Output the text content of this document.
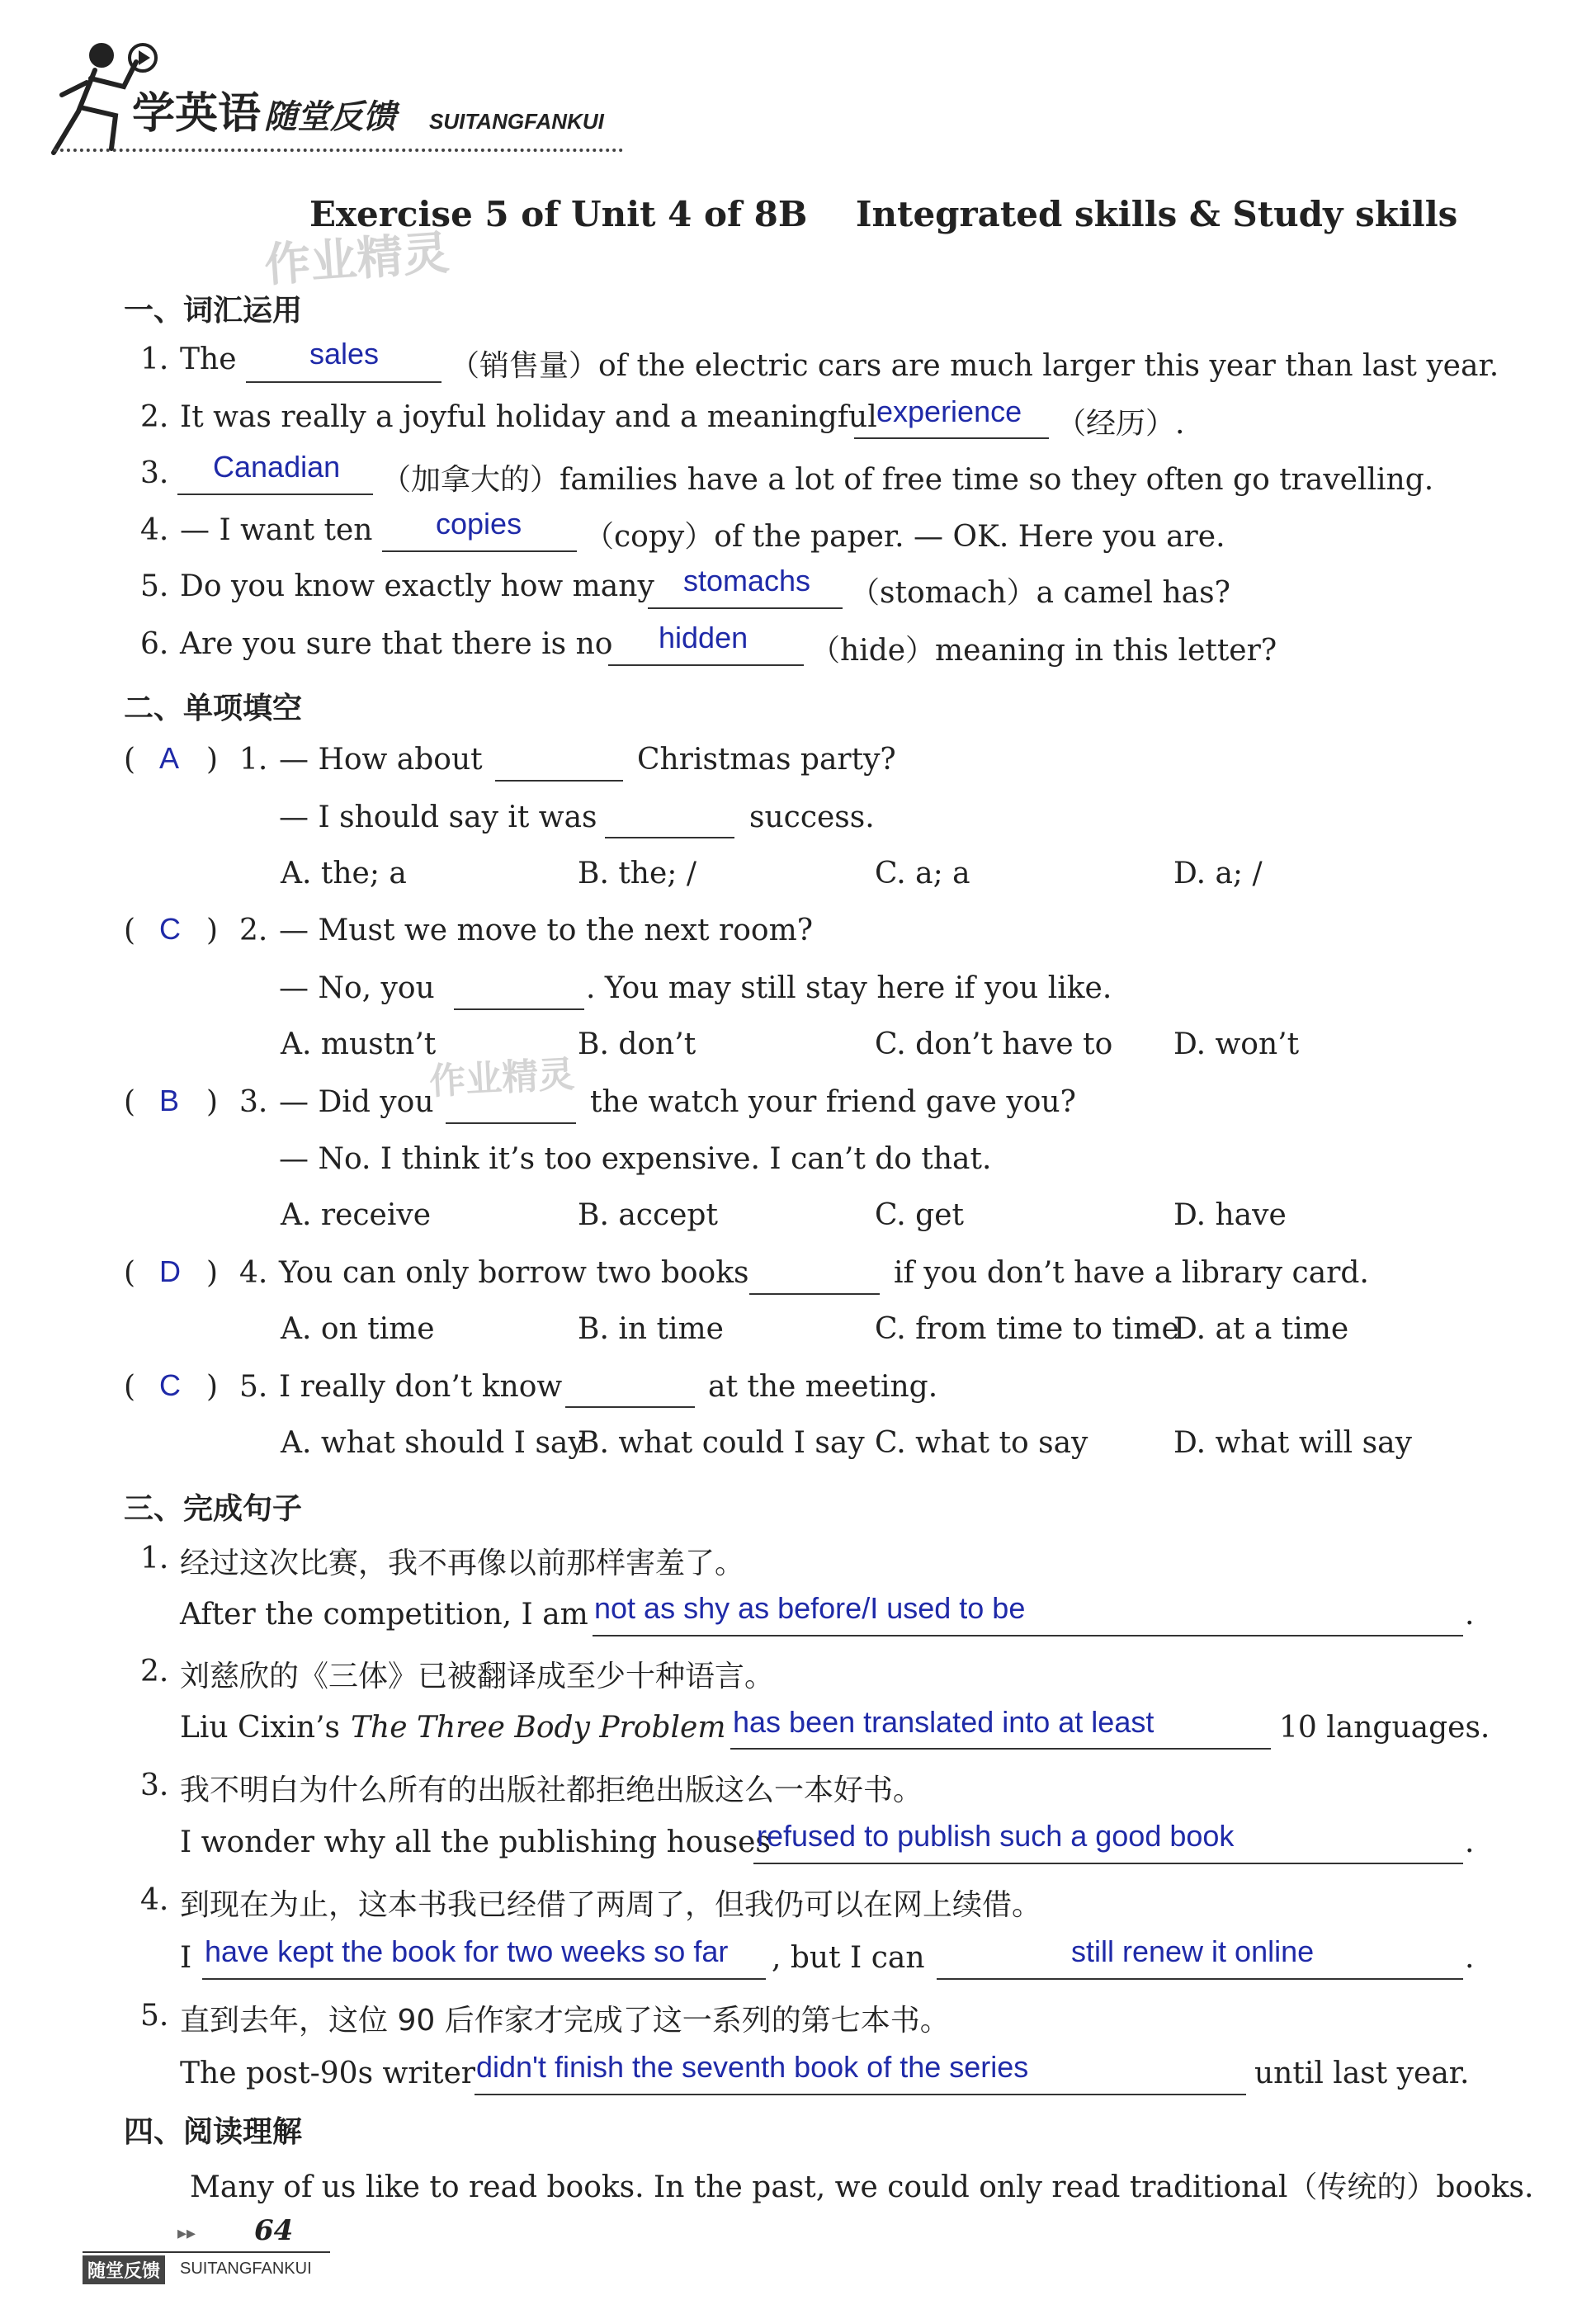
学英语 随堂反馈 SUITANGFANKUI
Exercise 5 of Unit 4 of 8B    Integrated skills & Study skills
作业精灵
一、词汇运用
1. The sales （销售量）of the electric cars are much larger this year than last year.
2. It was really a joyful holiday and a meaningful experience （经历）.
3. Canadian （加拿大的）families have a lot of free time so they often go travelling.
4. — I want ten copies （copy）of the paper. — OK. Here you are.
5. Do you know exactly how many stomachs （stomach）a camel has?
6. Are you sure that there is no hidden （hide）meaning in this letter?
二、单项填空
( A ) 1. — How about	Christmas party?
— I should say it was	success.
A. the; a	B. the; /	C. a; a	D. a; /
( C ) 2. — Must we move to the next room?
— No, you	. You may still stay here if you like.
A. mustn’t	B. don’t	C. don’t have to D. won’t
作业精灵
( B ) 3. — Did you	the watch your friend gave you?
— No. I think it’s too expensive. I can’t do that.
A. receive	B. accept	C. get	D. have
( D ) 4. You can only borrow two books	if you don’t have a library card.
A. on time	B. in time	C. from time to time
D. at a time
( C ) 5. I really don’t know	at the meeting.
A. what should I say
B. what could I say C. what to say	D. what will say
三、完成句子
1. 经过这次比赛，我不再像以前那样害羞了。
After the competition, I am not as shy as before/I used to be	.
2. 刘慈欣的《三体》已被翻译成至少十种语言。
Liu Cixin’s The Three Body Problem has been translated into at least	10 languages.
3. 我不明白为什么所有的出版社都拒绝出版这么一本好书。
I wonder why all the publishing houses
refused to publish such a good book	.
4. 到现在为止，这本书我已经借了两周了，但我仍可以在网上续借。
I have kept the book for two weeks so far , but I can	still renew it online	.
5. 直到去年，这位 90 后作家才完成了这一系列的第七本书。
The post-90s writer didn't finish the seventh book of the series	until last year.
四、阅读理解
Many of us like to read books. In the past, we could only read traditional（传统的）books.
▸▸ 64
随堂反馈	SUITANGFANKUI
